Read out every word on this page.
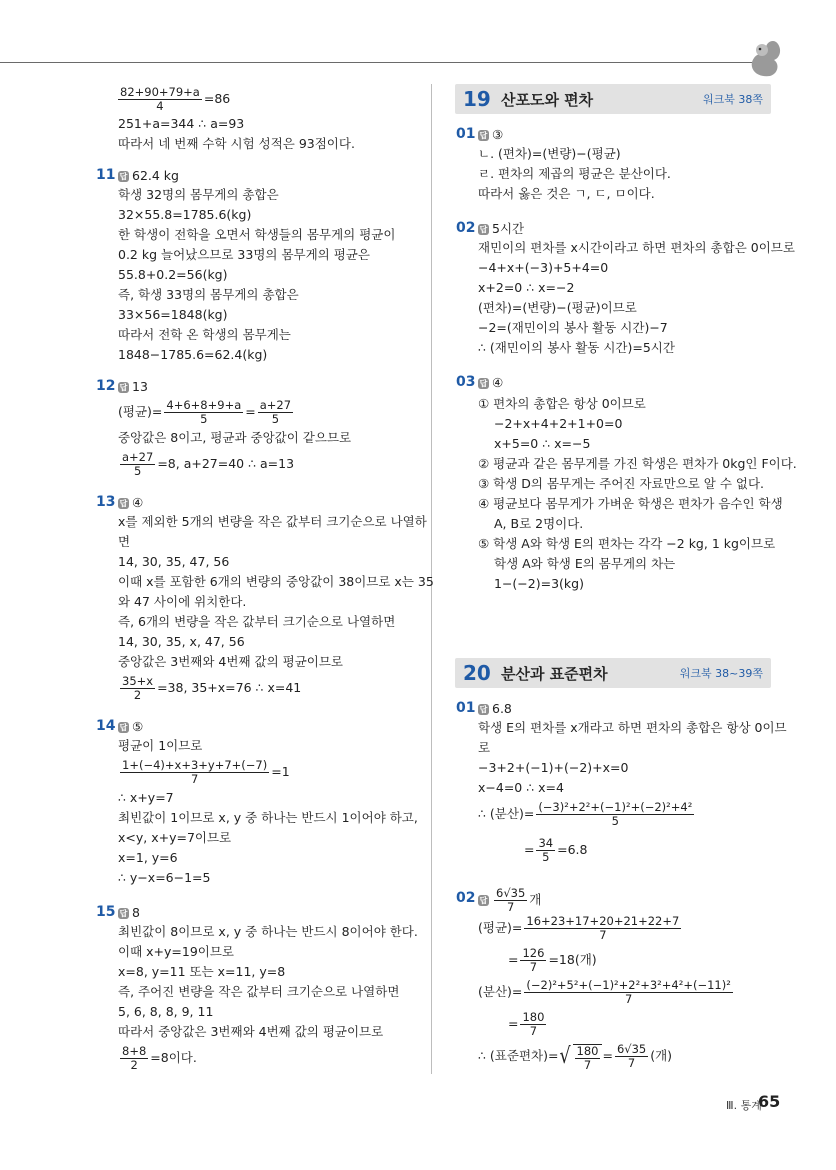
$\frac{82+90+79+a}{4} =86$
251+a=344 ∴ a=93
따라서 네 번째 수학 시험 성적은 93점이다.
11 답 62.4 kg
학생 32명의 몸무게의 총합은
32×55.8=1785.6(kg)
한 학생이 전학을 오면서 학생들의 몸무게의 평균이
0.2 kg 늘어났으므로 33명의 몸무게의 평균은
55.8+0.2=56(kg)
즉, 학생 33명의 몸무게의 총합은
33×56=1848(kg)
따라서 전학 온 학생의 몸무게는
1848−1785.6=62.4(kg)
12 답 13
(평균)= $\frac{4+6+8+9+a}{5} = \frac{a+27}{5}$
중앙값은 8이고, 평균과 중앙값이 같으므로
$\frac{a+27}{5} =8$, a+27=40 ∴ a=13
13 답 ④
x를 제외한 5개의 변량을 작은 값부터 크기순으로 나열하
면
14, 30, 35, 47, 56
이때 x를 포함한 6개의 변량의 중앙값이 38이므로 x는 35
와 47 사이에 위치한다.
즉, 6개의 변량을 작은 값부터 크기순으로 나열하면
14, 30, 35, x, 47, 56
중앙값은 3번째와 4번째 값의 평균이므로
$\frac{35+x}{2} =38$, 35+x=76 ∴ x=41
14 답 ⑤
평균이 1이므로
$\frac{1+(-4)+x+3+y+7+(-7)}{7} =1$
∴ x+y=7
최빈값이 1이므로 x, y 중 하나는 반드시 1이어야 하고,
x<y, x+y=7이므로
x=1, y=6
∴ y−x=6−1=5
15 답 8
최빈값이 8이므로 x, y 중 하나는 반드시 8이어야 한다.
이때 x+y=19이므로
x=8, y=11 또는 x=11, y=8
즉, 주어진 변량을 작은 값부터 크기순으로 나열하면
5, 6, 8, 8, 9, 11
따라서 중앙값은 3번째와 4번째 값의 평균이므로
$\frac{8+8}{2} =8$이다.
19 산포도와 편차	워크북 38쪽
01 답 ③
ㄴ. (편차)=(변량)−(평균)
ㄹ. 편차의 제곱의 평균은 분산이다.
따라서 옳은 것은 ㄱ, ㄷ, ㅁ이다.
02 답 5시간
재민이의 편차를 x시간이라고 하면 편차의 총합은 0이므로
−4+x+(−3)+5+4=0
x+2=0 ∴ x=−2
(편차)=(변량)−(평균)이므로
−2=(재민이의 봉사 활동 시간)−7
∴ (재민이의 봉사 활동 시간)=5시간
03 답 ④
① 편차의 총합은 항상 0이므로
−2+x+4+2+1+0=0
x+5=0 ∴ x=−5
② 평균과 같은 몸무게를 가진 학생은 편차가 0kg인 F이다.
③ 학생 D의 몸무게는 주어진 자료만으로 알 수 없다.
④ 평균보다 몸무게가 가벼운 학생은 편차가 음수인 학생
A, B로 2명이다.
⑤ 학생 A와 학생 E의 편차는 각각 −2 kg, 1 kg이므로
학생 A와 학생 E의 몸무게의 차는
1−(−2)=3(kg)
20 분산과 표준편차	워크북 38~39쪽
01 답 6.8
학생 E의 편차를 x개라고 하면 편차의 총합은 항상 0이므
로
−3+2+(−1)+(−2)+x=0
x−4=0 ∴ x=4
∴ (분산)= $\frac{\text{(−3)²+2²+(−1)²+(−2)²+4²}}{5}$
= $\frac{34}{5} =6.8$
02 답 $\frac{6√35}{7}$ 개
(평균)= $\frac{16+23+17+20+21+22+7}{7}$
= $\frac{126}{7} =18$(개)
(분산)= $\frac{\text{(−2)²+5²+(−1)²+2²+3²+4²+(−11)²}}{7}$
= $\frac{180}{7}$
∴ (표준편차)= √ $\frac{180}{7} = \frac{6√35}{7}$ (개)
Ⅲ. 통계
65
